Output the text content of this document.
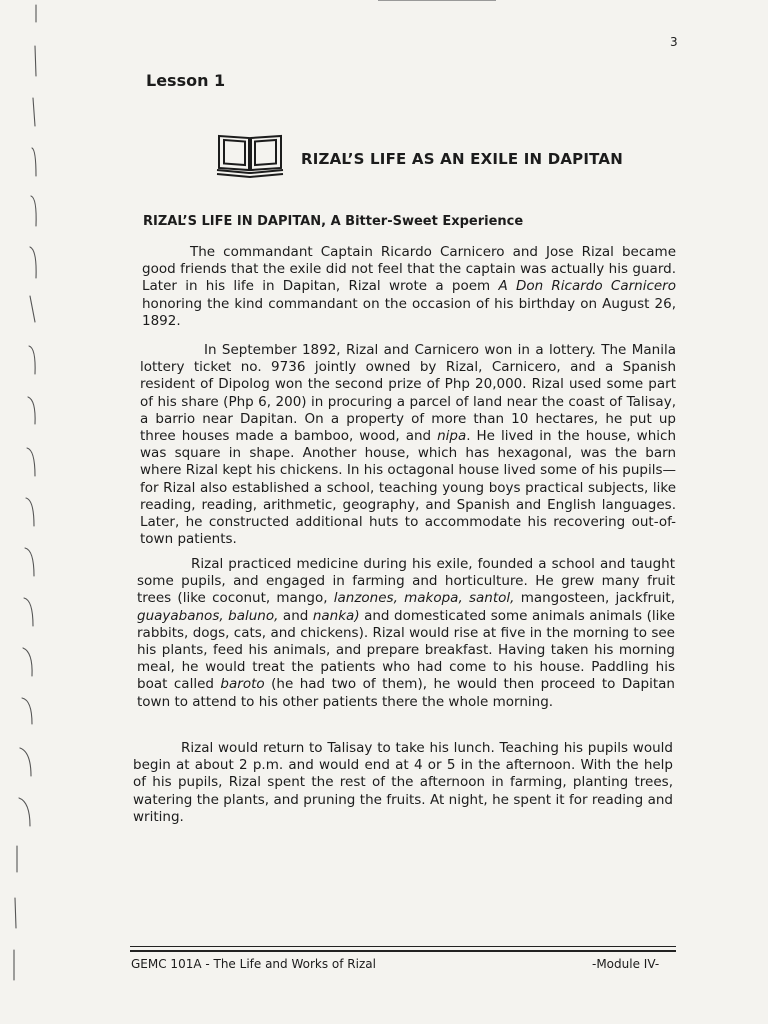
3
Lesson 1
RIZAL’S LIFE AS AN EXILE IN DAPITAN
RIZAL’S LIFE IN DAPITAN, A Bitter-Sweet Experience

The commandant Captain Ricardo Carnicero and Jose Rizal became good friends that the exile did not feel that the captain was actually his guard. Later in his life in Dapitan, Rizal wrote a poem A Don Ricardo Carnicero honoring the kind commandant on the occasion of his birthday on August 26, 1892.

In September 1892, Rizal and Carnicero won in a lottery. The Manila lottery ticket no. 9736 jointly owned by Rizal, Carnicero, and a Spanish resident of Dipolog won the second prize of Php 20,000. Rizal used some part of his share (Php 6, 200) in procuring a parcel of land near the coast of Talisay, a barrio near Dapitan. On a property of more than 10 hectares, he put up three houses made a bamboo, wood, and nipa. He lived in the house, which was square in shape. Another house, which has hexagonal, was the barn where Rizal kept his chickens. In his octagonal house lived some of his pupils—for Rizal also established a school, teaching young boys practical subjects, like reading, reading, arithmetic, geography, and Spanish and English languages. Later, he constructed additional huts to accommodate his recovering out-of-town patients.

Rizal practiced medicine during his exile, founded a school and taught some pupils, and engaged in farming and horticulture. He grew many fruit trees (like coconut, mango, lanzones, makopa, santol, mangosteen, jackfruit, guayabanos, baluno, and nanka) and domesticated some animals animals (like rabbits, dogs, cats, and chickens). Rizal would rise at five in the morning to see his plants, feed his animals, and prepare breakfast. Having taken his morning meal, he would treat the patients who had come to his house. Paddling his boat called baroto (he had two of them), he would then proceed to Dapitan town to attend to his other patients there the whole morning.

Rizal would return to Talisay to take his lunch. Teaching his pupils would begin at about 2 p.m. and would end at 4 or 5 in the afternoon. With the help of his pupils, Rizal spent the rest of the afternoon in farming, planting trees, watering the plants, and pruning the fruits. At night, he spent it for reading and writing.

GEMC 101A - The Life and Works of Rizal	-Module IV-
